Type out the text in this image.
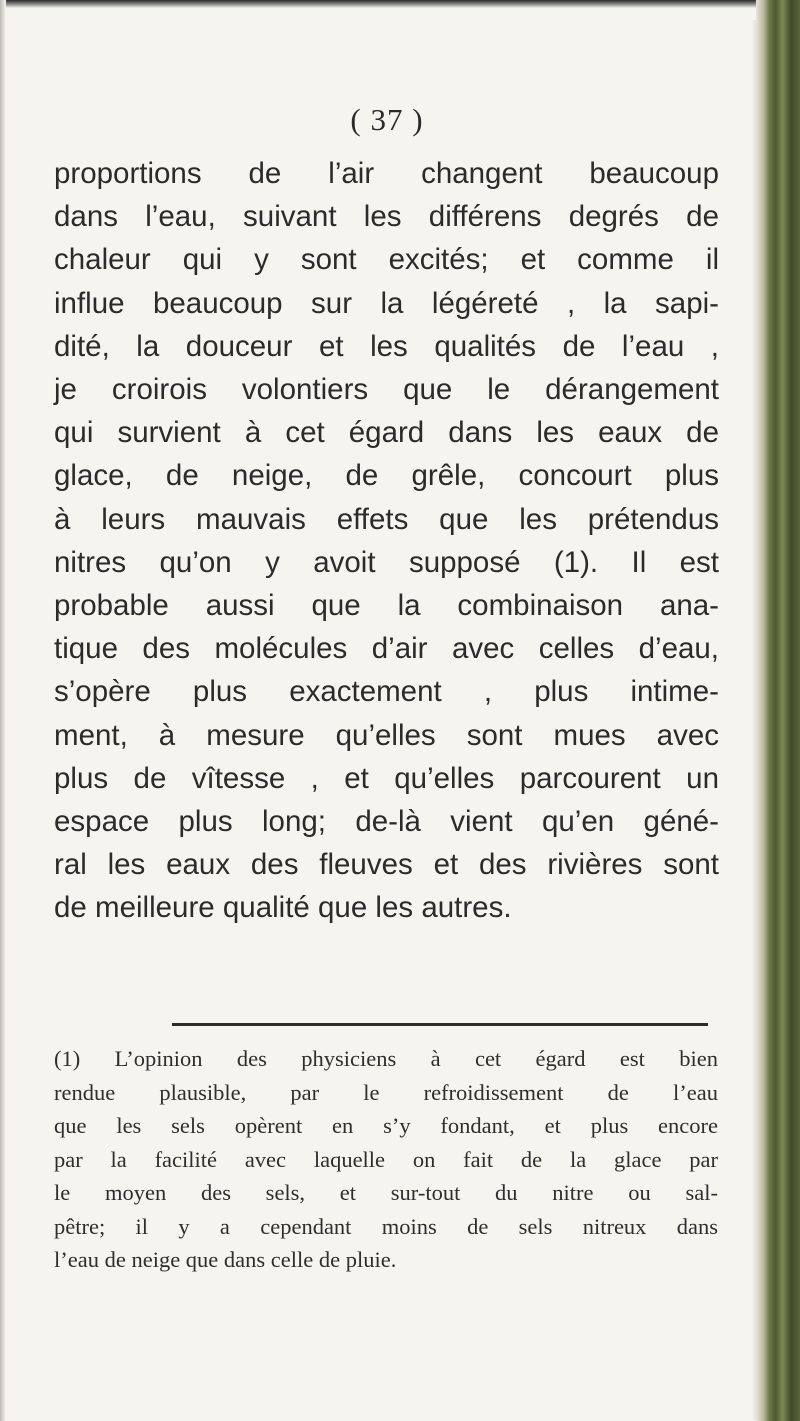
( 37 )
proportions de l’air changent beaucoup
dans l’eau, suivant les différens degrés de
chaleur qui y sont excités; et comme il
influe beaucoup sur la légéreté , la sapi-
dité, la douceur et les qualités de l’eau ,
je croirois volontiers que le dérangement
qui survient à cet égard dans les eaux de
glace, de neige, de grêle, concourt plus
à leurs mauvais effets que les prétendus
nitres qu’on y avoit supposé (1). Il est
probable aussi que la combinaison ana-
tique des molécules d’air avec celles d’eau,
s’opère plus exactement , plus intime-
ment, à mesure qu’elles sont mues avec
plus de vîtesse , et qu’elles parcourent un
espace plus long; de-là vient qu’en géné-
ral les eaux des fleuves et des rivières sont
de meilleure qualité que les autres.
(1) L’opinion des physiciens à cet égard est bien
rendue plausible, par le refroidissement de l’eau
que les sels opèrent en s’y fondant, et plus encore
par la facilité avec laquelle on fait de la glace par
le moyen des sels, et sur-tout du nitre ou sal-
pêtre; il y a cependant moins de sels nitreux dans
l’eau de neige que dans celle de pluie.
